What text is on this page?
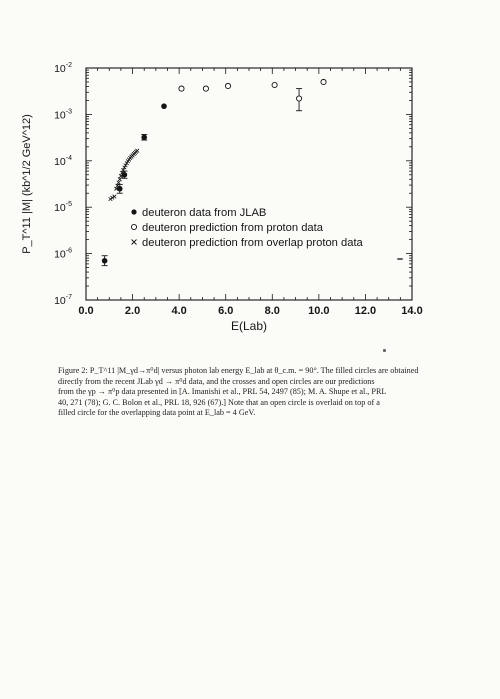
0.0	2.0	4.0	6.0	8.0	10.0 12.0 14.0
$10^{-7}$
$10^{-6}$
$10^{-5}$
$10^{-4}$
$10^{-3}$
$10^{-2}$
E(Lab)
P_T^11 |M| (kb^1/2 GeV^12)	deuteron data from JLAB
deuteron prediction from proton data
deuteron prediction from overlap proton data
Figure 2: P_T^11 |M_γd→π⁰d| versus photon lab energy E_lab at θ_c.m. = 90°. The filled circles are obtained
directly from the recent JLab γd → π⁰d data, and the crosses and open circles are our predictions
from the γp → π⁰p data presented in [A. Imanishi et al., PRL 54, 2497 (85); M. A. Shupe et al., PRL
40, 271 (78); G. C. Bolon et al., PRL 18, 926 (67).] Note that an open circle is overlaid on top of a
filled circle for the overlapping data point at E_lab = 4 GeV.
